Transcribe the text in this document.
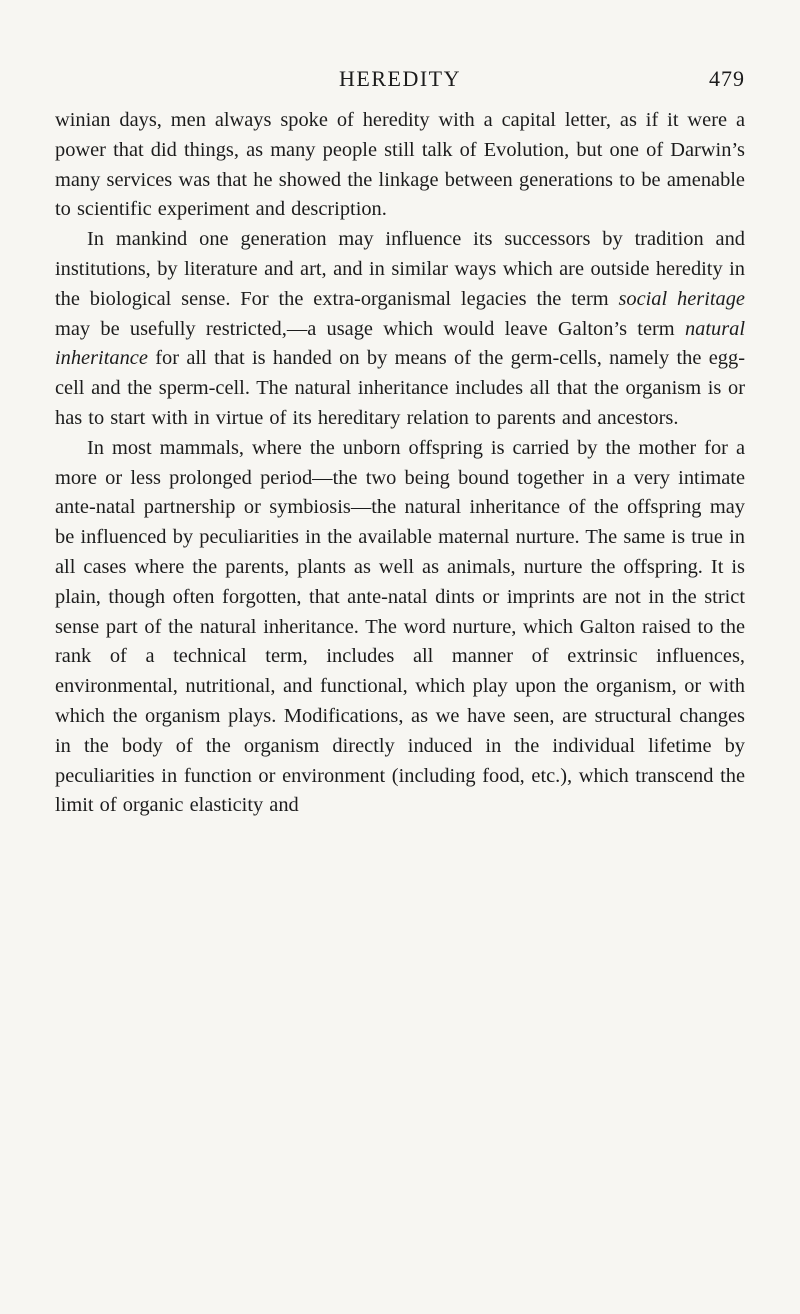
HEREDITY	479

winian days, men always spoke of heredity with a capital letter, as if it were a power that did things, as many people still talk of Evolution, but one of Darwin’s many services was that he showed the linkage between generations to be amenable to scientific experiment and description.

In mankind one generation may influence its successors by tradition and institutions, by literature and art, and in similar ways which are outside heredity in the biological sense. For the extra-organismal legacies the term social heritage may be usefully restricted,—a usage which would leave Galton’s term natural inheritance for all that is handed on by means of the germ-cells, namely the egg-cell and the sperm-cell. The natural inheritance includes all that the organism is or has to start with in virtue of its hereditary relation to parents and ancestors.

In most mammals, where the unborn offspring is carried by the mother for a more or less prolonged period—the two being bound together in a very intimate ante-natal partnership or symbiosis—the natural inheritance of the offspring may be influenced by peculiarities in the available maternal nurture. The same is true in all cases where the parents, plants as well as animals, nurture the offspring. It is plain, though often forgotten, that ante-natal dints or imprints are not in the strict sense part of the natural inheritance. The word nurture, which Galton raised to the rank of a technical term, includes all manner of extrinsic influences, environmental, nutritional, and functional, which play upon the organism, or with which the organism plays. Modifications, as we have seen, are structural changes in the body of the organism directly induced in the individual lifetime by peculiarities in function or environment (including food, etc.), which transcend the limit of organic elasticity and
